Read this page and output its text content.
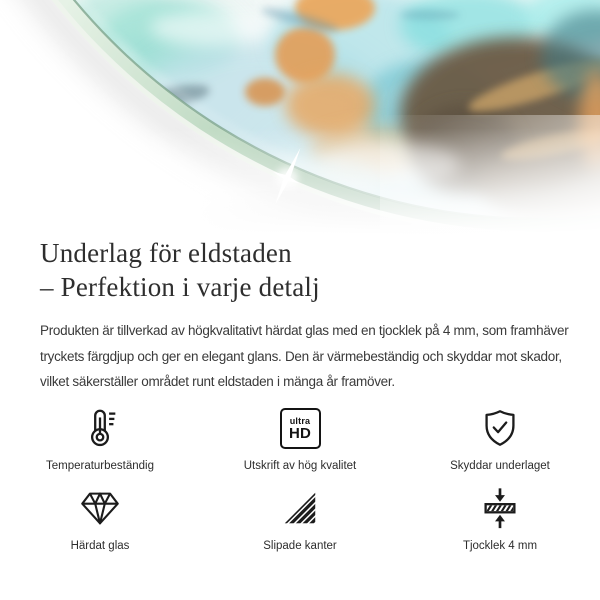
Underlag för eldstaden
– Perfektion i varje detalj
Produkten är tillverkad av högkvalitativt härdat glas med en tjocklek på 4 mm, som framhäver
tryckets färgdjup och ger en elegant glans. Den är värmebeständig och skyddar mot skador,
vilket säkerställer området runt eldstaden i mänga år framöver.
Temperaturbeständig
ultra
HD
Utskrift av hög kvalitet	Skyddar underlaget
Härdat glas	Slipade kanter	Tjocklek 4 mm
